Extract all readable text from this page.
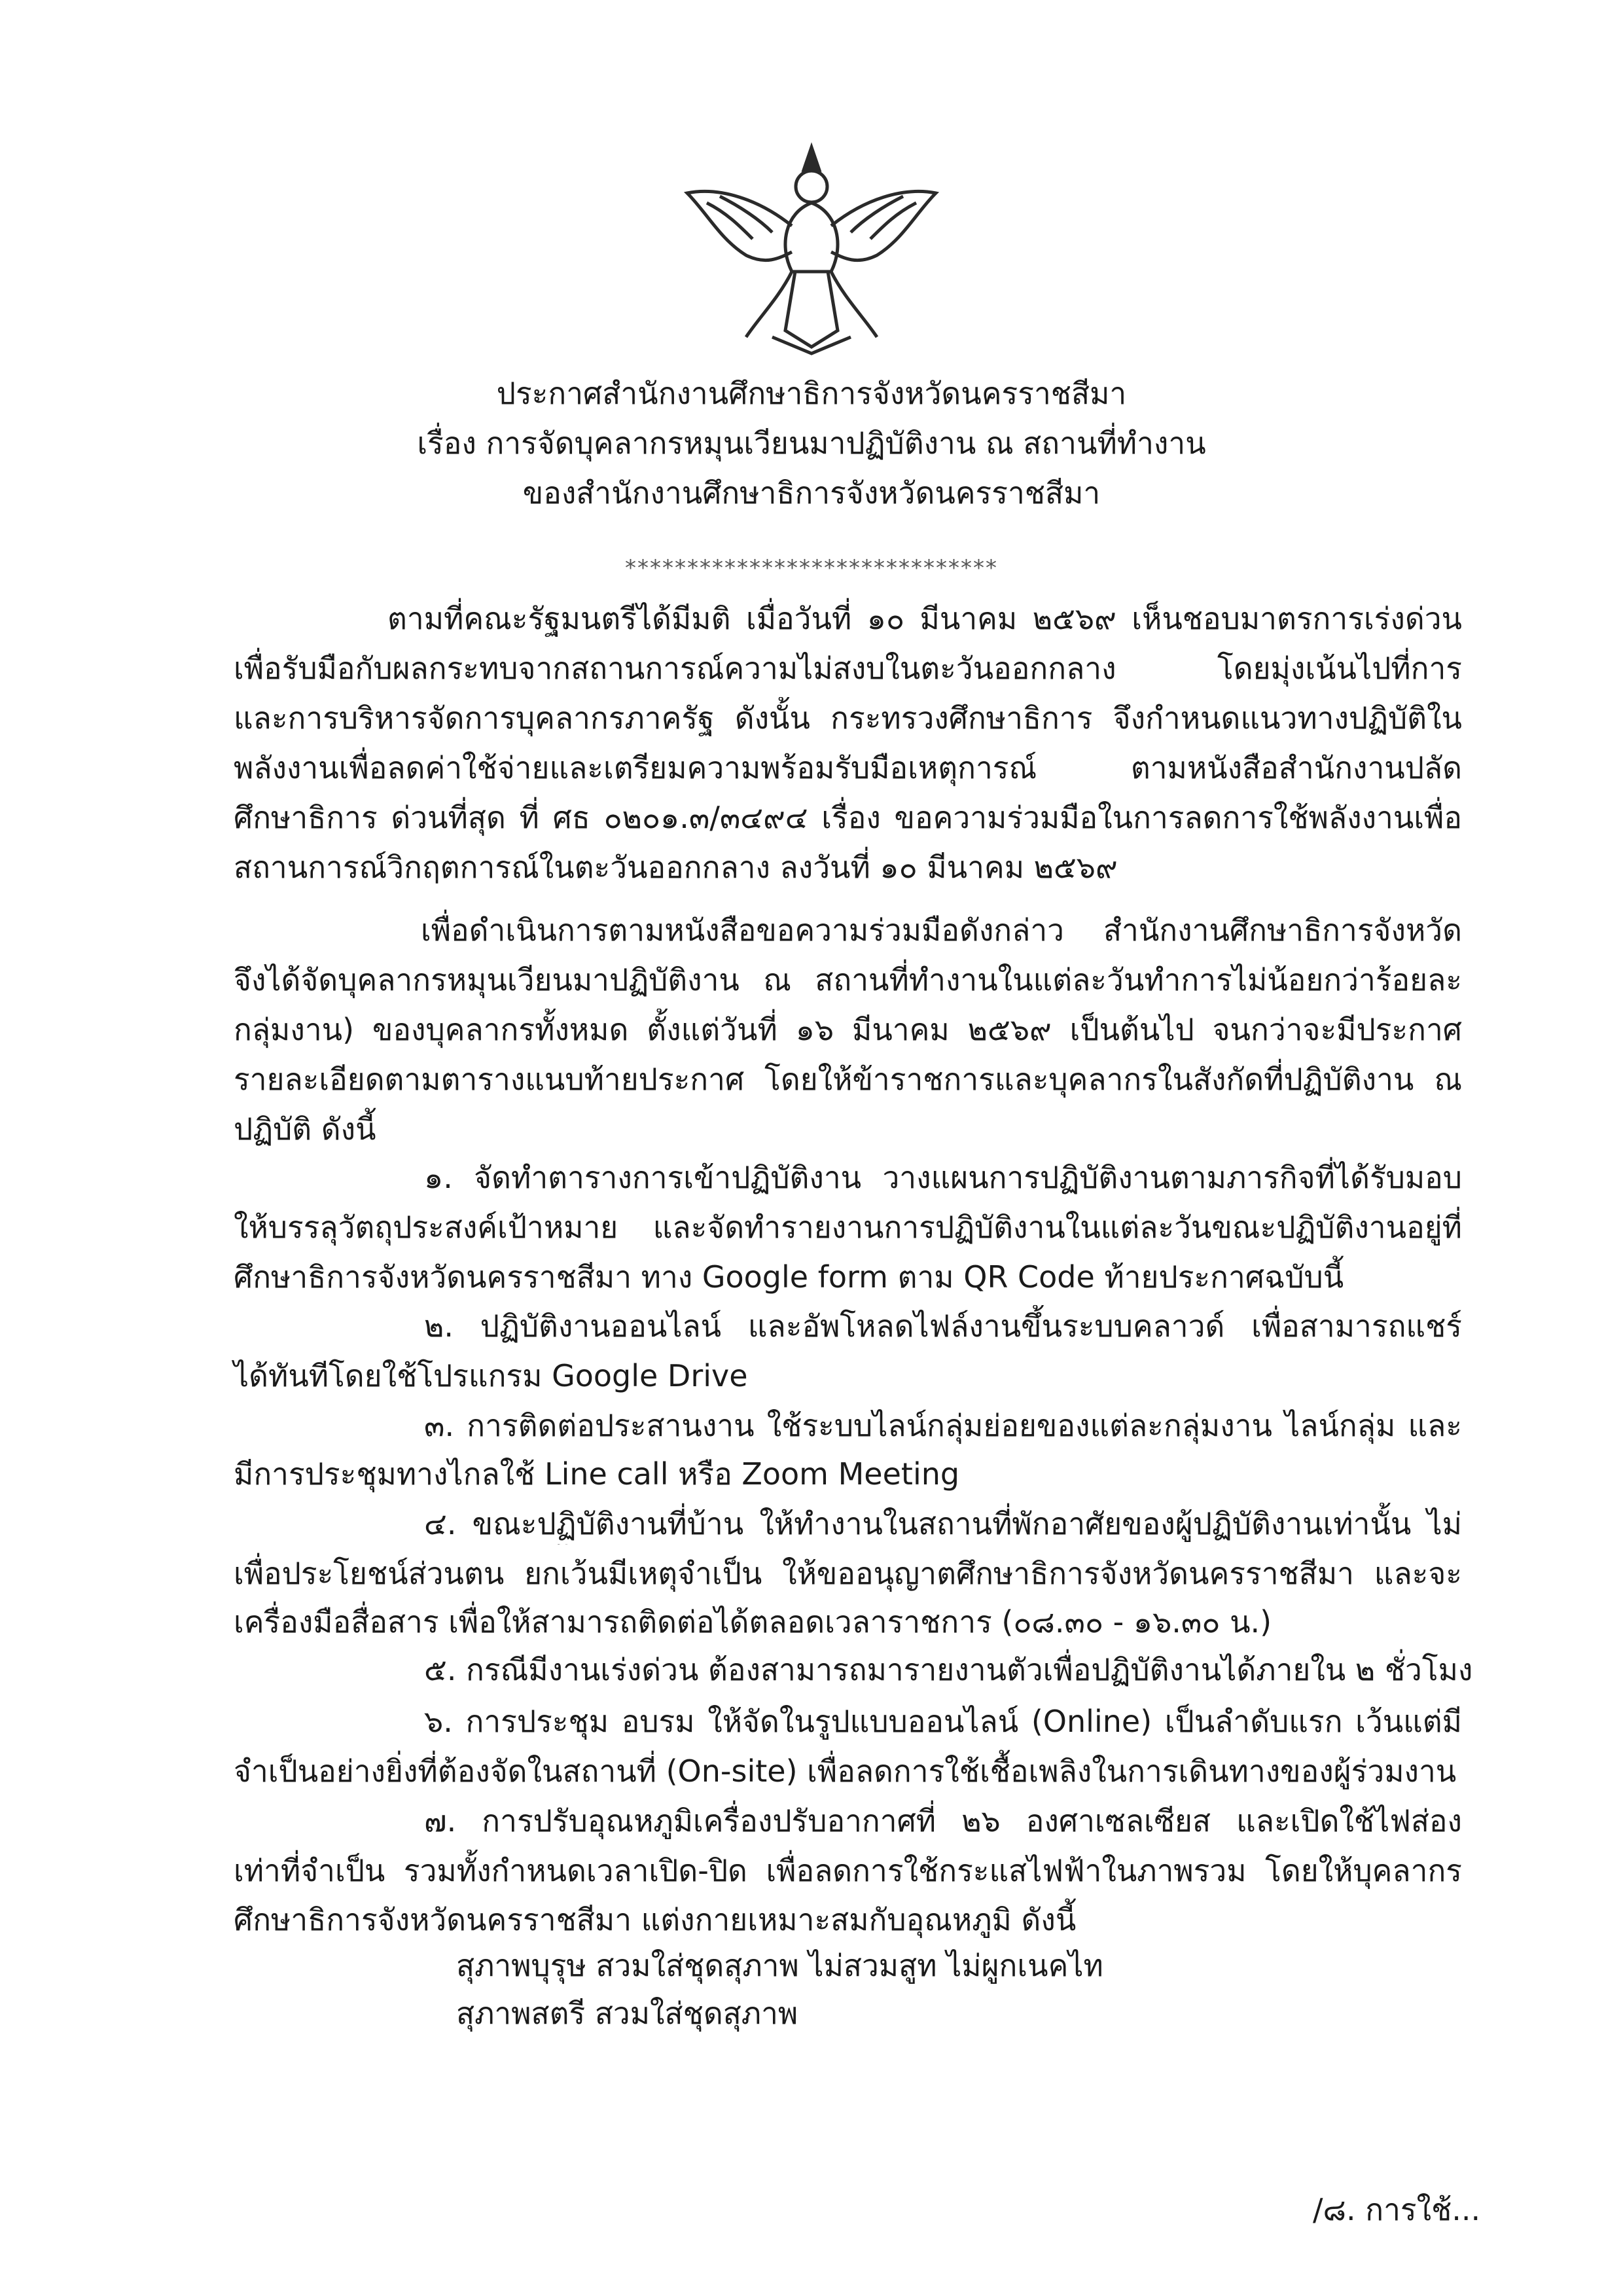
ประกาศสำนักงานศึกษาธิการจังหวัดนครราชสีมา
เรื่อง การจัดบุคลากรหมุนเวียนมาปฏิบัติงาน ณ สถานที่ทำงาน
ของสำนักงานศึกษาธิการจังหวัดนครราชสีมา
******************************
ตามที่คณะรัฐมนตรีได้มีมติ เมื่อวันที่ ๑๐ มีนาคม ๒๕๖๙ เห็นชอบมาตรการเร่งด่วน
เพื่อรับมือกับผลกระทบจากสถานการณ์ความไม่สงบในตะวันออกกลาง โดยมุ่งเน้นไปที่การ
และการบริหารจัดการบุคลากรภาครัฐ ดังนั้น กระทรวงศึกษาธิการ จึงกำหนดแนวทางปฏิบัติใน
พลังงานเพื่อลดค่าใช้จ่ายและเตรียมความพร้อมรับมือเหตุการณ์ ตามหนังสือสำนักงานปลัด
ศึกษาธิการ ด่วนที่สุด ที่ ศธ ๐๒๐๑.๓/๓๔๙๔ เรื่อง ขอความร่วมมือในการลดการใช้พลังงานเพื่อ
สถานการณ์วิกฤตการณ์ในตะวันออกกลาง ลงวันที่ ๑๐ มีนาคม ๒๕๖๙
เพื่อดำเนินการตามหนังสือขอความร่วมมือดังกล่าว สำนักงานศึกษาธิการจังหวัด
จึงได้จัดบุคลากรหมุนเวียนมาปฏิบัติงาน ณ สถานที่ทำงานในแต่ละวันทำการไม่น้อยกว่าร้อยละ
กลุ่มงาน) ของบุคลากรทั้งหมด ตั้งแต่วันที่ ๑๖ มีนาคม ๒๕๖๙ เป็นต้นไป จนกว่าจะมีประกาศ
รายละเอียดตามตารางแนบท้ายประกาศ โดยให้ข้าราชการและบุคลากรในสังกัดที่ปฏิบัติงาน ณ
ปฏิบัติ ดังนี้
๑. จัดทำตารางการเข้าปฏิบัติงาน วางแผนการปฏิบัติงานตามภารกิจที่ได้รับมอบ
ให้บรรลุวัตถุประสงค์เป้าหมาย และจัดทำรายงานการปฏิบัติงานในแต่ละวันขณะปฏิบัติงานอยู่ที่
ศึกษาธิการจังหวัดนครราชสีมา ทาง Google form ตาม QR Code ท้ายประกาศฉบับนี้
๒. ปฏิบัติงานออนไลน์ และอัพโหลดไฟล์งานขึ้นระบบคลาวด์ เพื่อสามารถแชร์
ได้ทันทีโดยใช้โปรแกรม Google Drive
๓. การติดต่อประสานงาน ใช้ระบบไลน์กลุ่มย่อยของแต่ละกลุ่มงาน ไลน์กลุ่ม และ
มีการประชุมทางไกลใช้ Line call หรือ Zoom Meeting
๔. ขณะปฏิบัติงานที่บ้าน ให้ทำงานในสถานที่พักอาศัยของผู้ปฏิบัติงานเท่านั้น ไม่
เพื่อประโยชน์ส่วนตน ยกเว้นมีเหตุจำเป็น ให้ขออนุญาตศึกษาธิการจังหวัดนครราชสีมา และจะ
เครื่องมือสื่อสาร เพื่อให้สามารถติดต่อได้ตลอดเวลาราชการ (๐๘.๓๐ - ๑๖.๓๐ น.)
๕. กรณีมีงานเร่งด่วน ต้องสามารถมารายงานตัวเพื่อปฏิบัติงานได้ภายใน ๒ ชั่วโมง
๖. การประชุม อบรม ให้จัดในรูปแบบออนไลน์ (Online) เป็นลำดับแรก เว้นแต่มี
จำเป็นอย่างยิ่งที่ต้องจัดในสถานที่ (On-site) เพื่อลดการใช้เชื้อเพลิงในการเดินทางของผู้ร่วมงาน
๗. การปรับอุณหภูมิเครื่องปรับอากาศที่ ๒๖ องศาเซลเซียส และเปิดใช้ไฟส่อง
เท่าที่จำเป็น รวมทั้งกำหนดเวลาเปิด-ปิด เพื่อลดการใช้กระแสไฟฟ้าในภาพรวม โดยให้บุคลากร
ศึกษาธิการจังหวัดนครราชสีมา แต่งกายเหมาะสมกับอุณหภูมิ ดังนี้
สุภาพบุรุษ สวมใส่ชุดสุภาพ ไม่สวมสูท ไม่ผูกเนคไท
สุภาพสตรี สวมใส่ชุดสุภาพ
/๘. การใช้...
